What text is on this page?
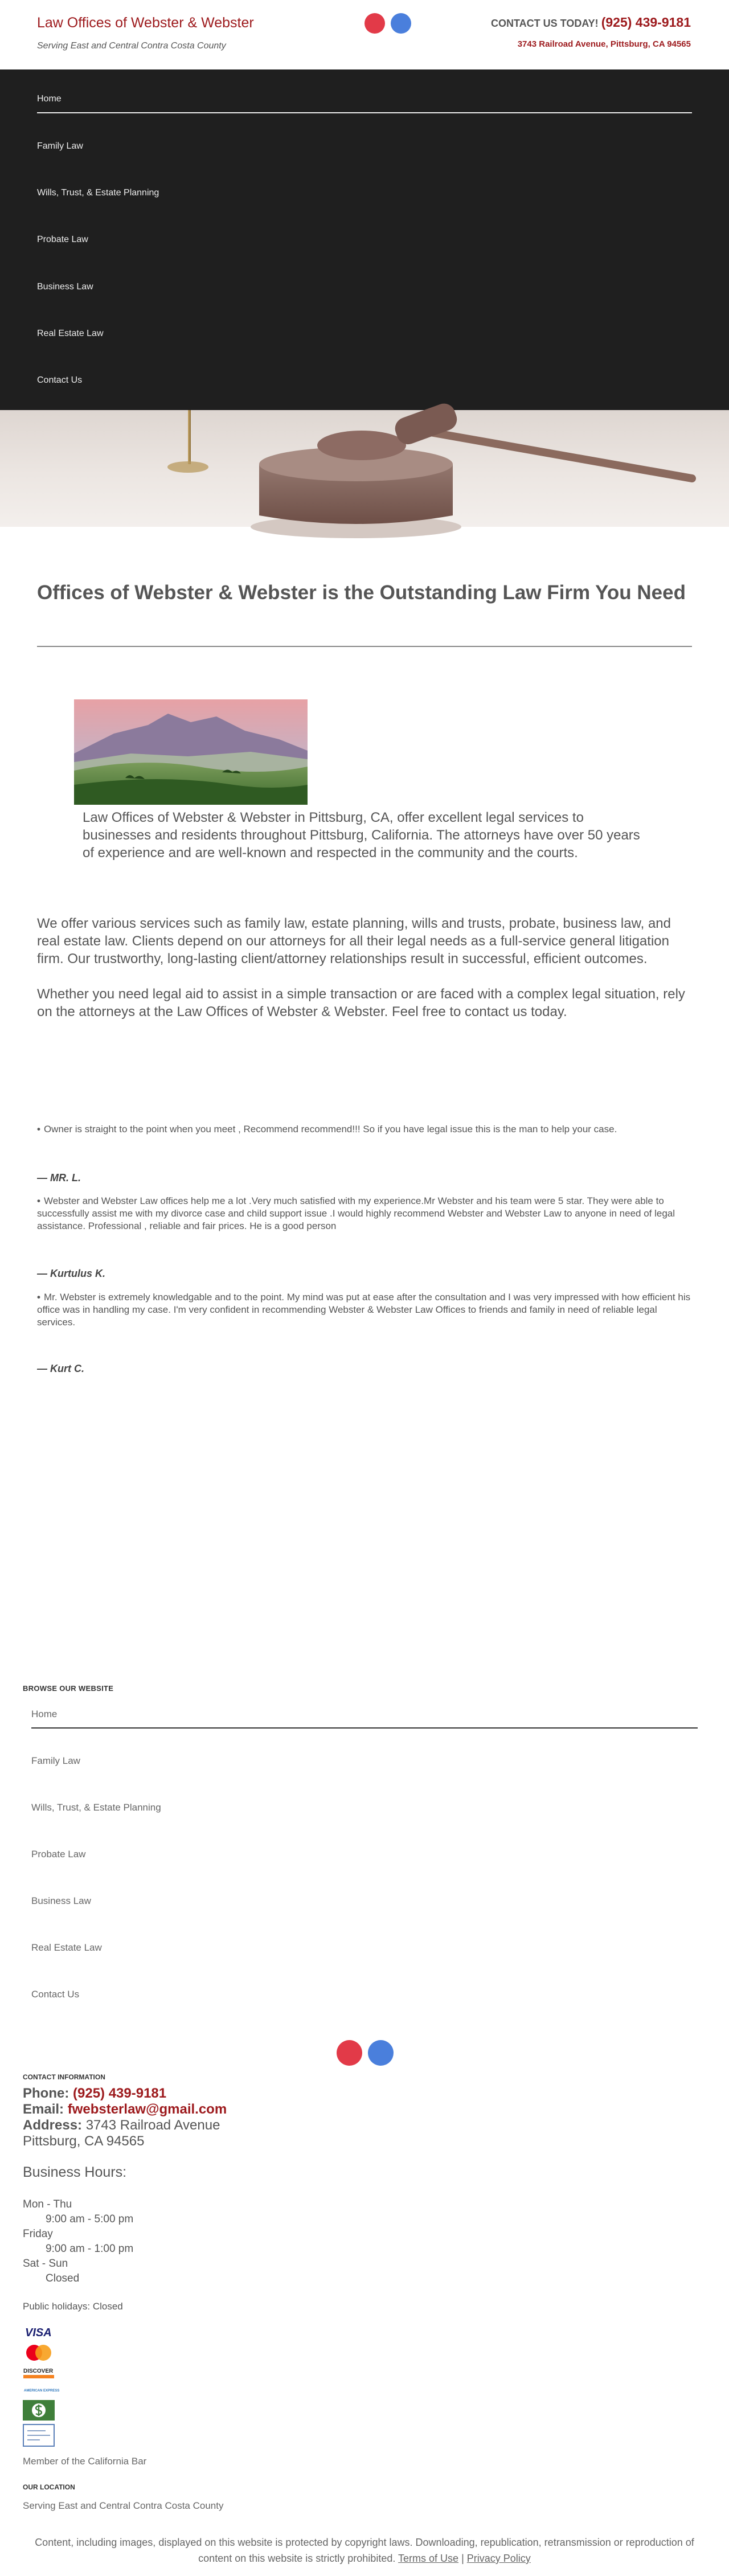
Law Offices of Webster & Webster
Serving East and Central Contra Costa County
CONTACT US TODAY! (925) 439-9181
3743 Railroad Avenue, Pittsburg, CA 94565
Home
Family Law
Wills, Trust, & Estate Planning
Probate Law
Business Law
Real Estate Law
Contact Us
Offices of Webster & Webster is the Outstanding Law Firm You Need

Law Offices of Webster & Webster in Pittsburg, CA, offer excellent legal services to businesses and residents throughout Pittsburg, California. The attorneys have over 50 years of experience and are well-known and respected in the community and the courts.

We offer various services such as family law, estate planning, wills and trusts, probate, business law, and real estate law. Clients depend on our attorneys for all their legal needs as a full-service general litigation firm. Our trustworthy, long-lasting client/attorney relationships result in successful, efficient outcomes.

Whether you need legal aid to assist in a simple transaction or are faced with a complex legal situation, rely on the attorneys at the Law Offices of Webster & Webster. Feel free to contact us today.

• Owner is straight to the point when you meet , Recommend recommend!!! So if you have legal issue this is the man to help your case.
— MR. L.
• Webster and Webster Law offices help me a lot .Very much satisfied with my experience.Mr Webster and his team were 5 star. They were able to successfully assist me with my divorce case and child support issue .I would highly recommend Webster and Webster Law to anyone in need of legal assistance. Professional , reliable and fair prices. He is a good person
— Kurtulus K.
• Mr. Webster is extremely knowledgable and to the point. My mind was put at ease after the consultation and I was very impressed with how efficient his office was in handling my case. I'm very confident in recommending Webster & Webster Law Offices to friends and family in need of reliable legal services.
— Kurt C.
BROWSE OUR WEBSITE
Home
Family Law
Wills, Trust, & Estate Planning
Probate Law
Business Law
Real Estate Law
Contact Us
CONTACT INFORMATION
Phone: (925) 439-9181
Email: fwebsterlaw@gmail.com
Address: 3743 Railroad Avenue
Pittsburg, CA 94565
Business Hours:
Mon - Thu
9:00 am - 5:00 pm
Friday
9:00 am - 1:00 pm
Sat - Sun
Closed
Public holidays: Closed
VISA
DISCOVER
AMERICAN EXPRESS
Member of the California Bar
OUR LOCATION
Serving East and Central Contra Costa County
Content, including images, displayed on this website is protected by copyright laws. Downloading, republication, retransmission or reproduction of content on this website is strictly prohibited. Terms of Use | Privacy Policy
